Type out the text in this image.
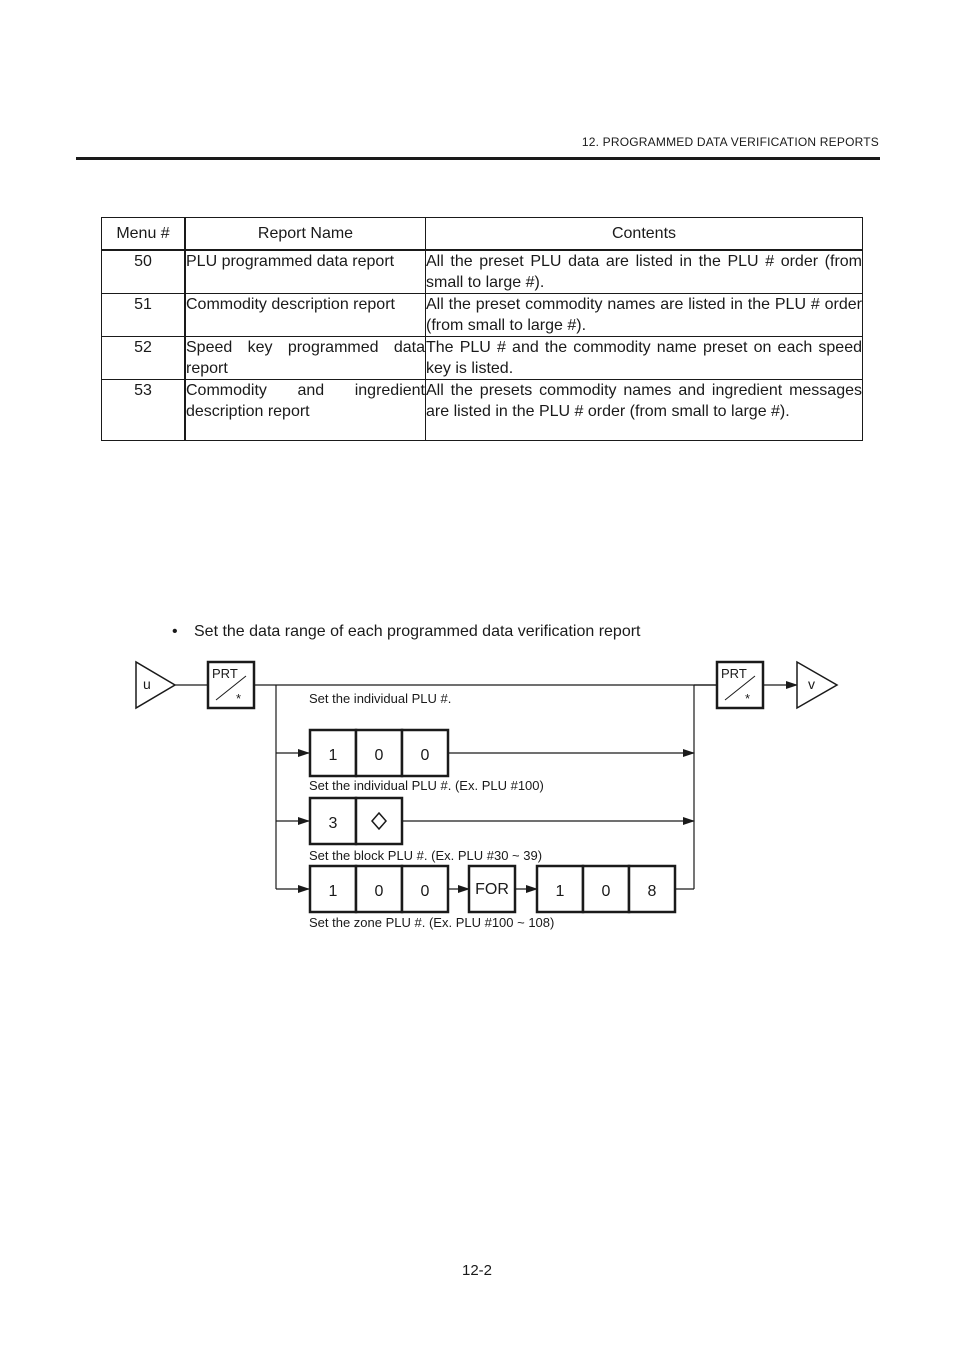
12. PROGRAMMED DATA VERIFICATION REPORTS
Menu #	Report Name	Contents
50	PLU programmed data report	All the preset PLU data are listed in the PLU # order (from small to large #).
51	Commodity description report	All the preset commodity names are listed in the PLU # order (from small to large #).
52	Speed key programmed data report	The PLU # and the commodity name preset on each speed key is listed.
53	Commodity and ingredient description report	All the presets commodity names and ingredient messages are listed in the PLU # order (from small to large #).
• Set the data range of each programmed data verification report
u
PRT
*	Set the individual PLU #.
1 0 0
Set the individual PLU #. (Ex. PLU #100)
3
Set the block PLU #. (Ex. PLU #30 ~ 39)
1 0 0	FOR	1 0 8
Set the zone PLU #. (Ex. PLU #100 ~ 108)
PRT
*
v
12-2
